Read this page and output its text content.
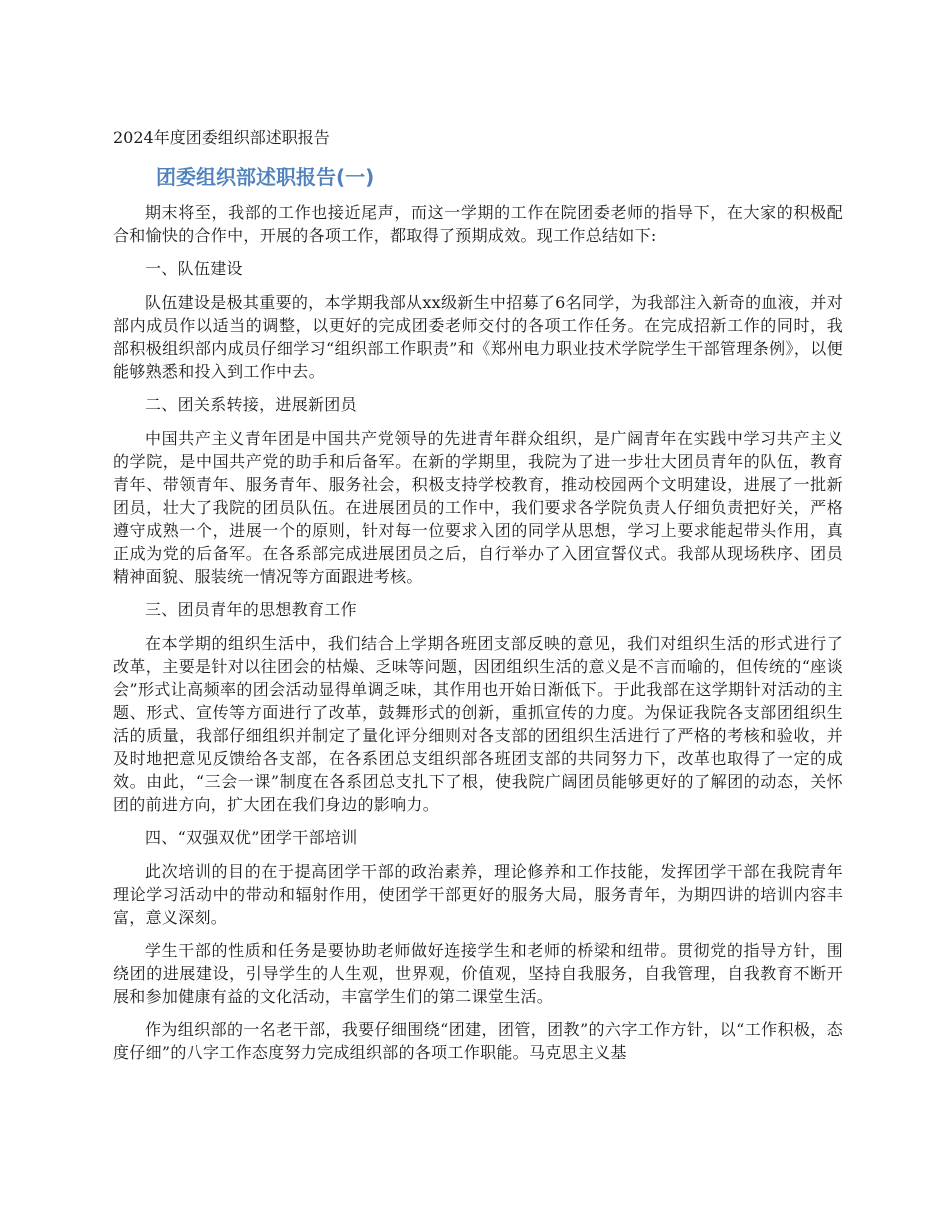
2024年度团委组织部述职报告
团委组织部述职报告(一)

期末将至，我部的工作也接近尾声，而这一学期的工作在院团委老师的指导下，在大家的积极配合和愉快的合作中，开展的各项工作，都取得了预期成效。现工作总结如下:

一、队伍建设

队伍建设是极其重要的，本学期我部从xx级新生中招募了6名同学，为我部注入新奇的血液，并对部内成员作以适当的调整，以更好的完成团委老师交付的各项工作任务。在完成招新工作的同时，我部积极组织部内成员仔细学习“组织部工作职责”和《郑州电力职业技术学院学生干部管理条例》，以便能够熟悉和投入到工作中去。

二、团关系转接，进展新团员

中国共产主义青年团是中国共产党领导的先进青年群众组织，是广阔青年在实践中学习共产主义的学院，是中国共产党的助手和后备军。在新的学期里，我院为了进一步壮大团员青年的队伍，教育青年、带领青年、服务青年、服务社会，积极支持学校教育，推动校园两个文明建设，进展了一批新团员，壮大了我院的团员队伍。在进展团员的工作中，我们要求各学院负责人仔细负责把好关，严格遵守成熟一个，进展一个的原则，针对每一位要求入团的同学从思想，学习上要求能起带头作用，真正成为党的后备军。在各系部完成进展团员之后，自行举办了入团宣誓仪式。我部从现场秩序、团员精神面貌、服装统一情况等方面跟进考核。

三、团员青年的思想教育工作

在本学期的组织生活中，我们结合上学期各班团支部反映的意见，我们对组织生活的形式进行了改革，主要是针对以往团会的枯燥、乏味等问题，因团组织生活的意义是不言而喻的，但传统的“座谈会”形式让高频率的团会活动显得单调乏味，其作用也开始日渐低下。于此我部在这学期针对活动的主题、形式、宣传等方面进行了改革，鼓舞形式的创新，重抓宣传的力度。为保证我院各支部团组织生活的质量，我部仔细组织并制定了量化评分细则对各支部的团组织生活进行了严格的考核和验收，并及时地把意见反馈给各支部，在各系团总支组织部各班团支部的共同努力下，改革也取得了一定的成效。由此，“三会一课”制度在各系团总支扎下了根，使我院广阔团员能够更好的了解团的动态，关怀团的前进方向，扩大团在我们身边的影响力。

四、“双强双优”团学干部培训

此次培训的目的在于提高团学干部的政治素养，理论修养和工作技能，发挥团学干部在我院青年理论学习活动中的带动和辐射作用，使团学干部更好的服务大局，服务青年，为期四讲的培训内容丰富，意义深刻。

学生干部的性质和任务是要协助老师做好连接学生和老师的桥梁和纽带。贯彻党的指导方针，围绕团的进展建设，引导学生的人生观，世界观，价值观，坚持自我服务，自我管理，自我教育不断开展和参加健康有益的文化活动，丰富学生们的第二课堂生活。

作为组织部的一名老干部，我要仔细围绕“团建，团管，团教”的六字工作方针，以“工作积极，态度仔细”的八字工作态度努力完成组织部的各项工作职能。马克思主义基
